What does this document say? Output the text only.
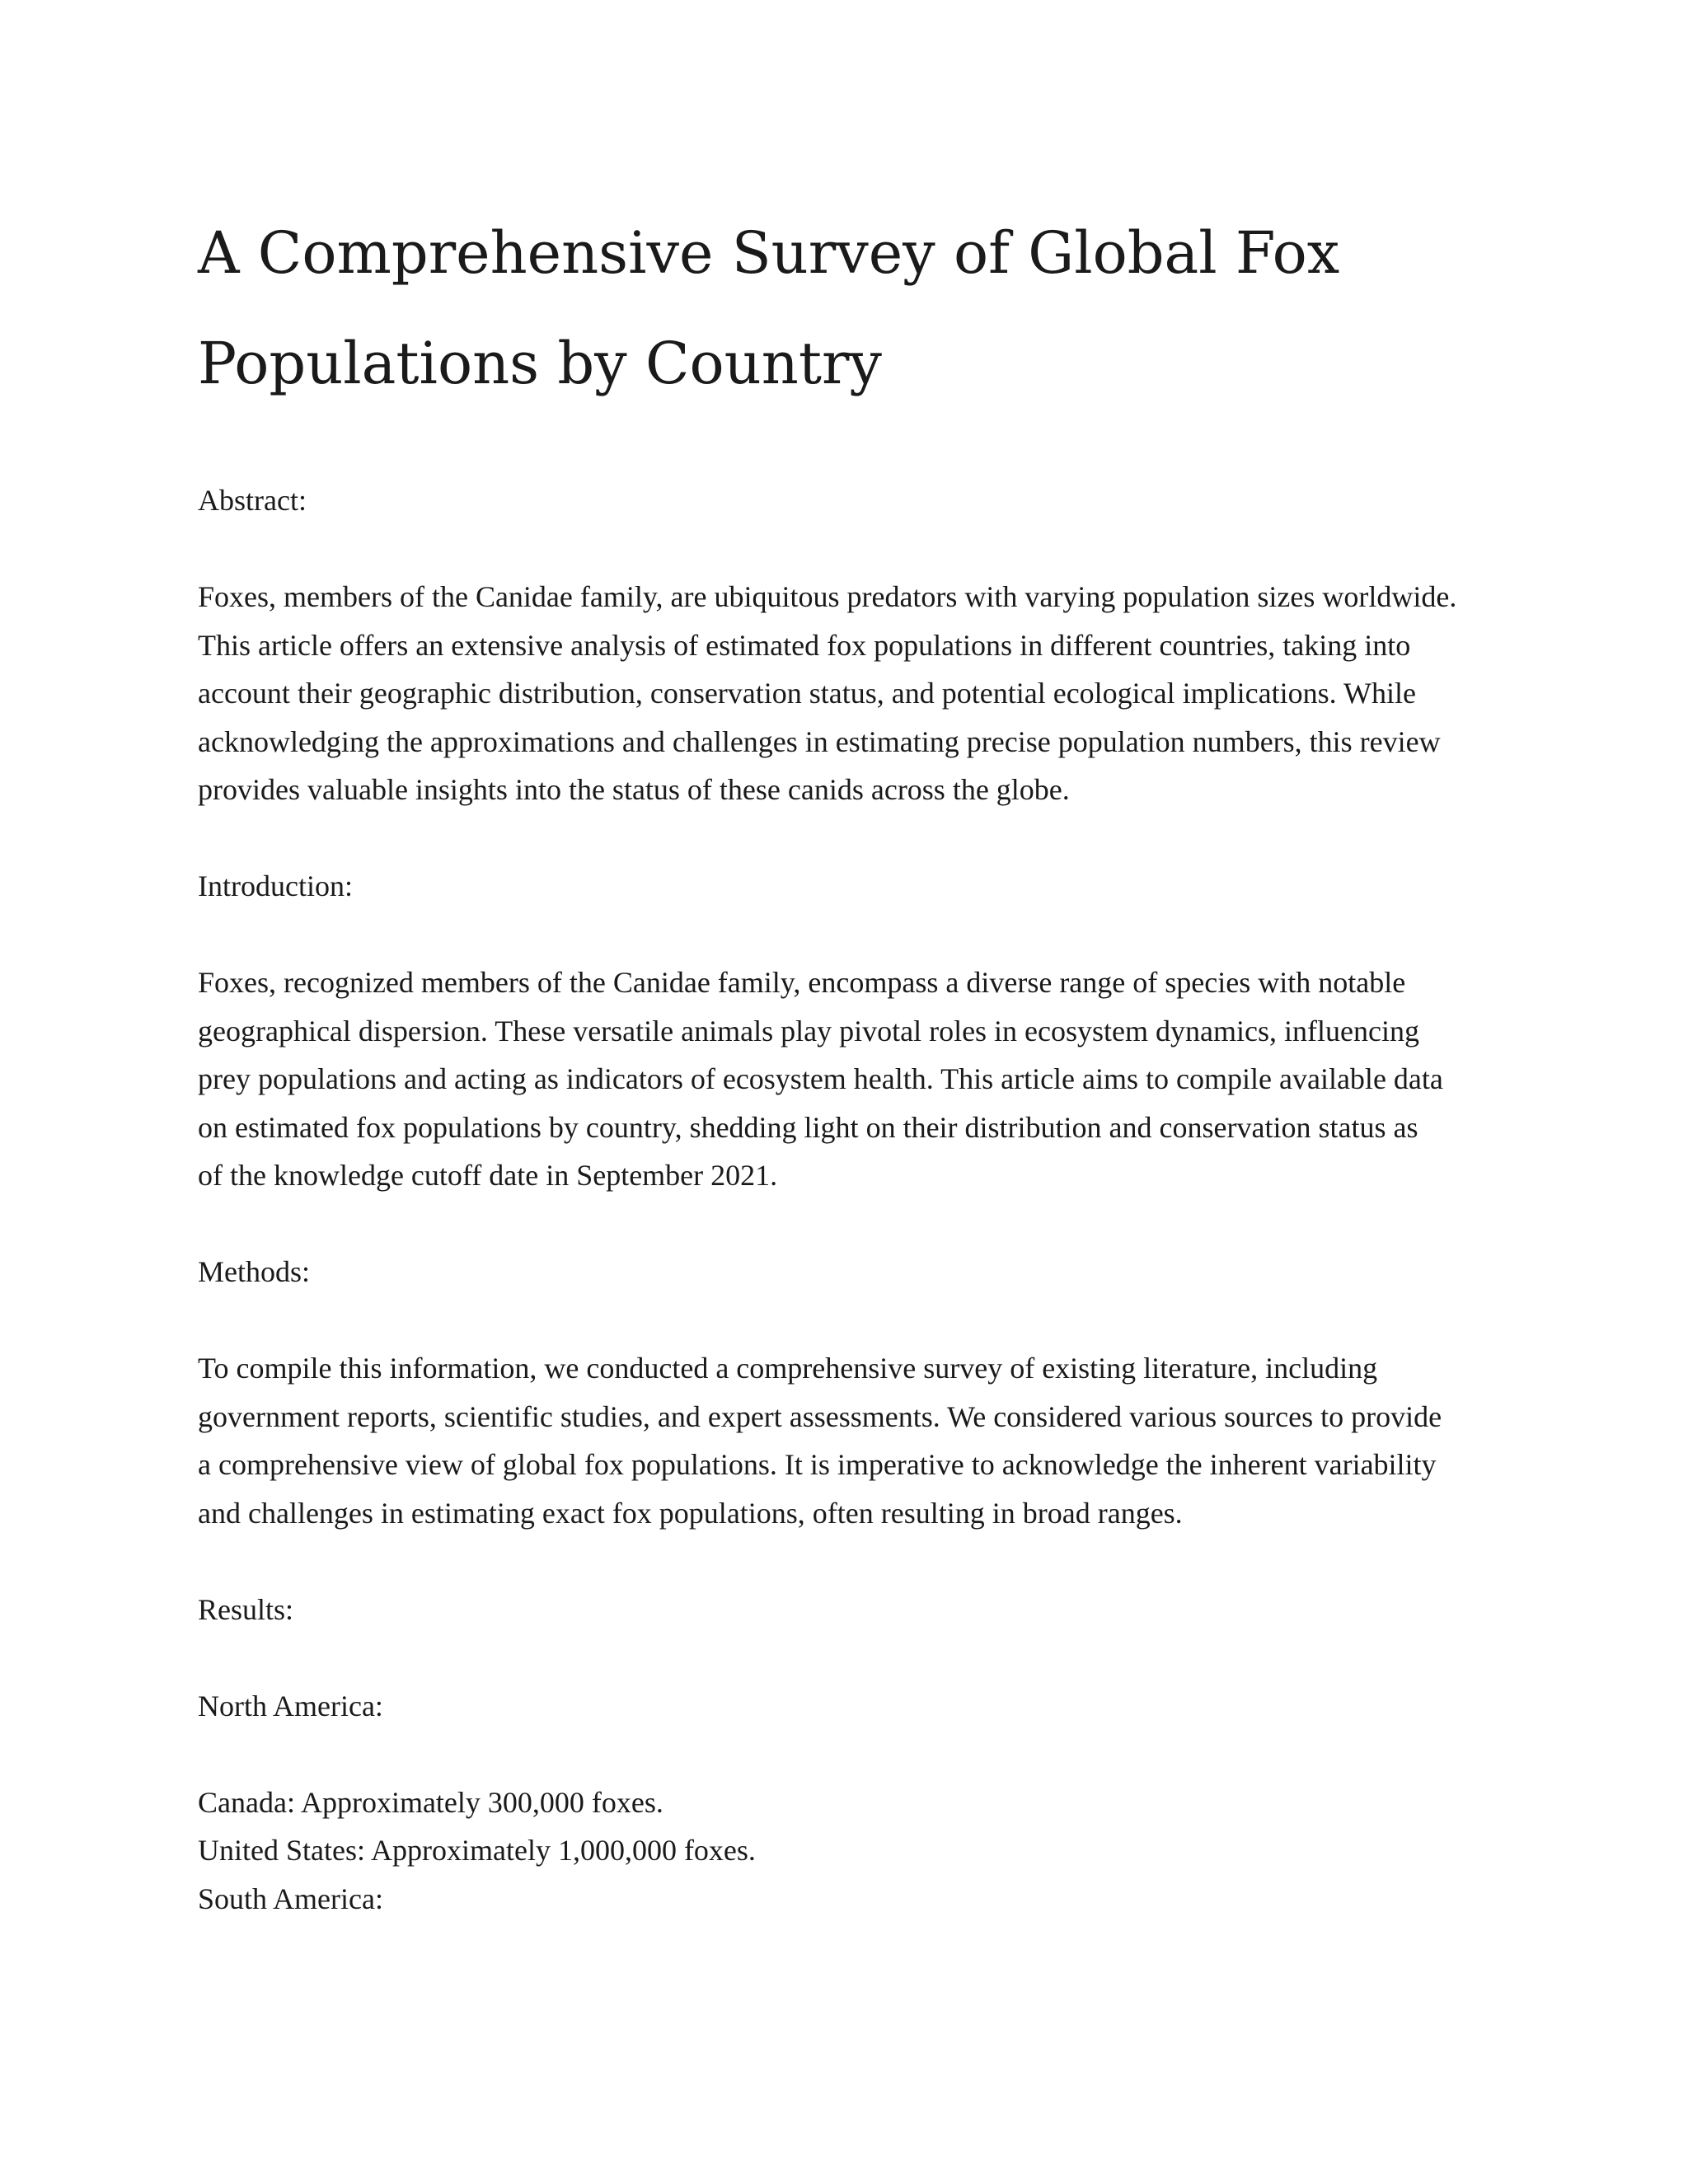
A Comprehensive Survey of Global Fox
Populations by Country

Abstract:

Foxes, members of the Canidae family, are ubiquitous predators with varying population sizes worldwide.
This article offers an extensive analysis of estimated fox populations in different countries, taking into
account their geographic distribution, conservation status, and potential ecological implications. While
acknowledging the approximations and challenges in estimating precise population numbers, this review
provides valuable insights into the status of these canids across the globe.

Introduction:

Foxes, recognized members of the Canidae family, encompass a diverse range of species with notable
geographical dispersion. These versatile animals play pivotal roles in ecosystem dynamics, influencing
prey populations and acting as indicators of ecosystem health. This article aims to compile available data
on estimated fox populations by country, shedding light on their distribution and conservation status as
of the knowledge cutoff date in September 2021.

Methods:

To compile this information, we conducted a comprehensive survey of existing literature, including
government reports, scientific studies, and expert assessments. We considered various sources to provide
a comprehensive view of global fox populations. It is imperative to acknowledge the inherent variability
and challenges in estimating exact fox populations, often resulting in broad ranges.

Results:

North America:

Canada: Approximately 300,000 foxes.
United States: Approximately 1,000,000 foxes.
South America:
